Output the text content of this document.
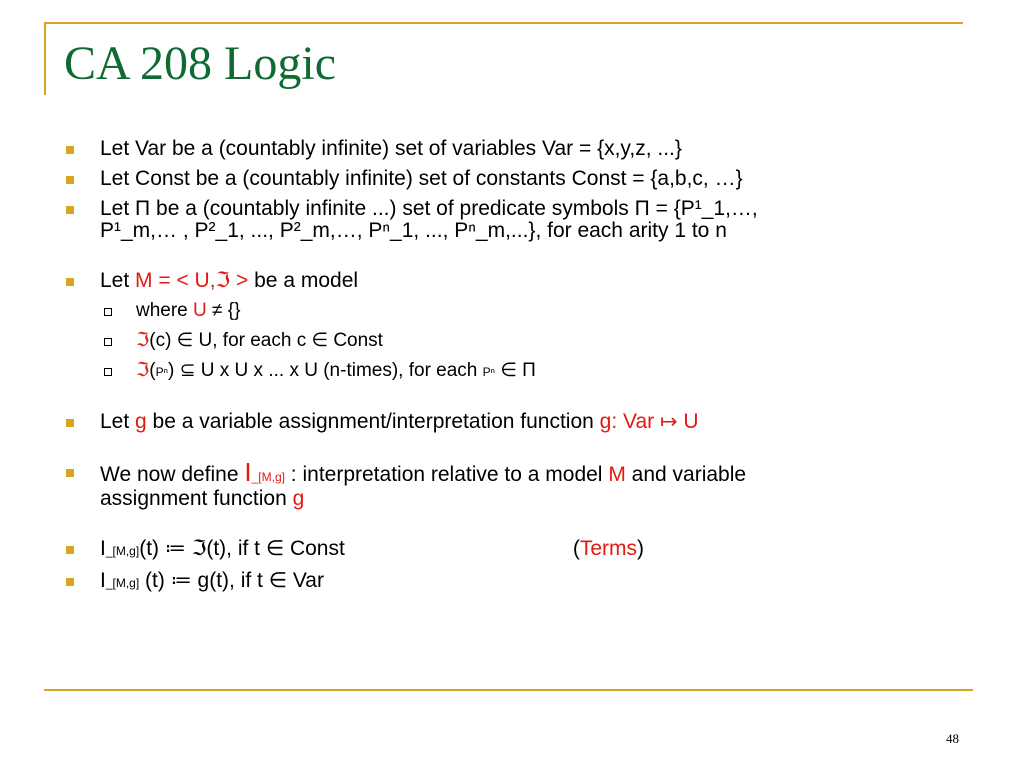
CA 208 Logic
Let Var be a (countably infinite) set of variables Var = {x,y,z, ...}
Let Const be a (countably infinite) set of constants Const = {a,b,c, …}
Let Π be a (countably infinite ...) set of predicate symbols Π = {P¹_1,…,
P¹_m,… , P²_1, ..., P²_m,…, Pⁿ_1, ..., Pⁿ_m,...}, for each arity 1 to n
Let M = < U,ℑ > be a model
where U ≠ {}
ℑ(c) ∈ U, for each c ∈ Const
ℑ(Pⁿ) ⊆ U x U x ... x U (n-times), for each Pⁿ ∈ Π
Let g be a variable assignment/interpretation function g: Var ↦ U
We now define I_[M,g] : interpretation relative to a model M and variable
assignment function g
I_[M,g](t) ≔ ℑ(t), if t ∈ Const	(Terms)
I_[M,g] (t) ≔ g(t), if t ∈ Var
48
